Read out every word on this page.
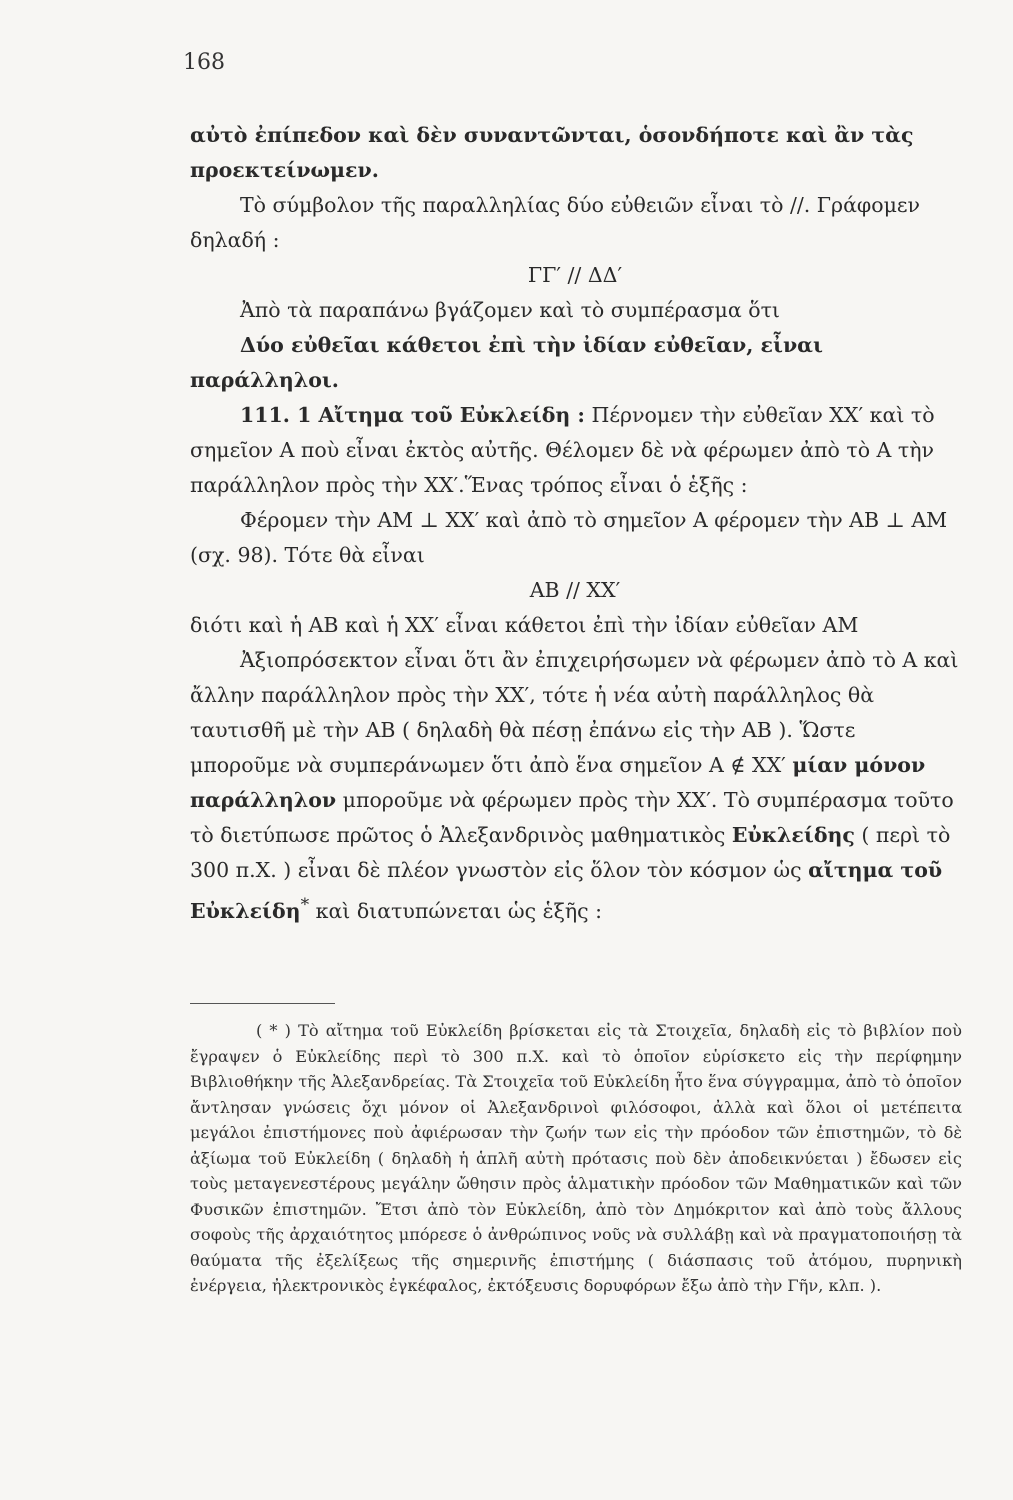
168

αὐτὸ ἐπίπεδον καὶ δὲν συναντῶνται, ὁσονδήποτε καὶ ἂν τὰς προεκτείνωμεν.

Τὸ σύμβολον τῆς παραλληλίας δύο εὐθειῶν εἶναι τὸ //. Γράφομεν δηλαδή :

ΓΓ′ // ΔΔ′

Ἀπὸ τὰ παραπάνω βγάζομεν καὶ τὸ συμπέρασμα ὅτι

Δύο εὐθεῖαι κάθετοι ἐπὶ τὴν ἰδίαν εὐθεῖαν, εἶναι παράλληλοι.

111. 1 Αἴτημα τοῦ Εὐκλείδη : Πέρνομεν τὴν εὐθεῖαν ΧΧ′ καὶ τὸ σημεῖον Α ποὺ εἶναι ἐκτὸς αὐτῆς. Θέλομεν δὲ νὰ φέρωμεν ἀπὸ τὸ Α τὴν παράλληλον πρὸς τὴν ΧΧ′.Ἕνας τρόπος εἶναι ὁ ἑξῆς :

Φέρομεν τὴν ΑΜ ⊥ ΧΧ′ καὶ ἀπὸ τὸ σημεῖον Α φέρομεν τὴν ΑΒ ⊥ ΑΜ (σχ. 98). Τότε θὰ εἶναι

ΑΒ // ΧΧ′

διότι καὶ ἡ ΑΒ καὶ ἡ ΧΧ′ εἶναι κάθετοι ἐπὶ τὴν ἰδίαν εὐθεῖαν ΑΜ

Ἀξιοπρόσεκτον εἶναι ὅτι ἂν ἐπιχειρήσωμεν νὰ φέρωμεν ἀπὸ τὸ Α καὶ ἄλλην παράλληλον πρὸς τὴν ΧΧ′, τότε ἡ νέα αὐτὴ παράλληλος θὰ ταυτισθῆ μὲ τὴν ΑΒ ( δηλαδὴ θὰ πέσῃ ἐπάνω εἰς τὴν ΑΒ ). Ὥστε μποροῦμε νὰ συμπεράνωμεν ὅτι ἀπὸ ἕνα σημεῖον Α ∉ ΧΧ′ μίαν μόνον παράλληλον μποροῦμε νὰ φέρωμεν πρὸς τὴν ΧΧ′. Τὸ συμπέρασμα τοῦτο τὸ διετύπωσε πρῶτος ὁ Ἀλεξανδρινὸς μαθηματικὸς Εὐκλείδης ( περὶ τὸ 300 π.Χ. ) εἶναι δὲ πλέον γνωστὸν εἰς ὅλον τὸν κόσμον ὡς αἴτημα τοῦ Εὐκλείδη* καὶ διατυπώνεται ὡς ἑξῆς :

( * ) Τὸ αἴτημα τοῦ Εὐκλείδη βρίσκεται εἰς τὰ Στοιχεῖα, δηλαδὴ εἰς τὸ βιβλίον ποὺ ἔγραψεν ὁ Εὐκλείδης περὶ τὸ 300 π.Χ. καὶ τὸ ὁποῖον εὑρίσκετο εἰς τὴν περίφημην Βιβλιοθήκην τῆς Ἀλεξανδρείας. Τὰ Στοιχεῖα τοῦ Εὐκλείδη ἦτο ἕνα σύγγραμμα, ἀπὸ τὸ ὁποῖον ἄντλησαν γνώσεις ὄχι μόνον οἱ Ἀλεξανδρινοὶ φιλόσοφοι, ἀλλὰ καὶ ὅλοι οἱ μετέπειτα μεγάλοι ἐπιστήμονες ποὺ ἀφιέρωσαν τὴν ζωήν των εἰς τὴν πρόοδον τῶν ἐπιστημῶν, τὸ δὲ ἀξίωμα τοῦ Εὐκλείδη ( δηλαδὴ ἡ ἁπλῆ αὐτὴ πρότασις ποὺ δὲν ἀποδεικνύεται ) ἔδωσεν εἰς τοὺς μεταγενεστέρους μεγάλην ὤθησιν πρὸς ἁλματικὴν πρόοδον τῶν Μαθηματικῶν καὶ τῶν Φυσικῶν ἐπιστημῶν. Ἔτσι ἀπὸ τὸν Εὐκλείδη, ἀπὸ τὸν Δημόκριτον καὶ ἀπὸ τοὺς ἄλλους σοφοὺς τῆς ἀρχαιότητος μπόρεσε ὁ ἀνθρώπινος νοῦς νὰ συλλάβῃ καὶ νὰ πραγματοποιήσῃ τὰ θαύματα τῆς ἐξελίξεως τῆς σημερινῆς ἐπιστήμης ( διάσπασις τοῦ ἀτόμου, πυρηνικὴ ἐνέργεια, ἠλεκτρονικὸς ἐγκέφαλος, ἐκτόξευσις δορυφόρων ἔξω ἀπὸ τὴν Γῆν, κλπ. ).
